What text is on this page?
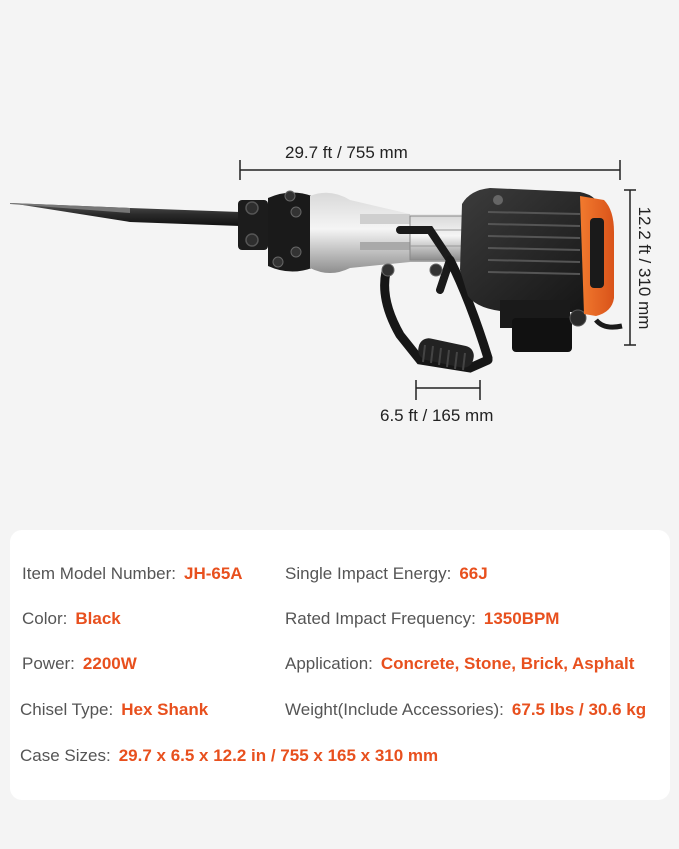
29.7 ft / 755 mm
6.5 ft / 165 mm
12.2 ft / 310 mm
Item Model Number: JH-65A Single Impact Energy: 66J
Color: Black	Rated Impact Frequency: 1350BPM
Power: 2200W	Application: Concrete, Stone, Brick, Asphalt
Chisel Type: Hex Shank	Weight(Include Accessories): 67.5 lbs / 30.6 kg
Case Sizes: 29.7 x 6.5 x 12.2 in / 755 x 165 x 310 mm
